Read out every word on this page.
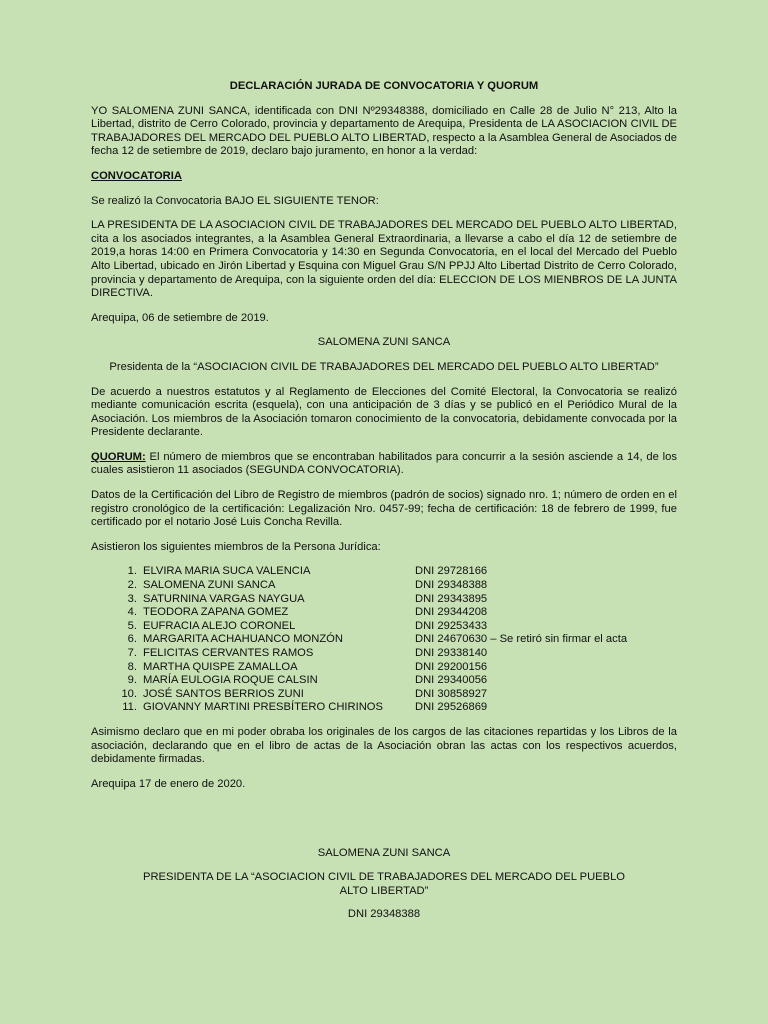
DECLARACIÓN JURADA DE CONVOCATORIA Y QUORUM

YO SALOMENA ZUNI SANCA, identificada con DNI Nº29348388, domiciliado en Calle 28 de Julio N° 213, Alto la Libertad, distrito de Cerro Colorado, provincia y departamento de Arequipa, Presidenta de LA ASOCIACION CIVIL DE TRABAJADORES DEL MERCADO DEL PUEBLO ALTO LIBERTAD, respecto a la Asamblea General de Asociados de fecha 12 de setiembre de 2019, declaro bajo juramento, en honor a la verdad:

CONVOCATORIA

Se realizó la Convocatoria BAJO EL SIGUIENTE TENOR:

LA PRESIDENTA DE LA ASOCIACION CIVIL DE TRABAJADORES DEL MERCADO DEL PUEBLO ALTO LIBERTAD, cita a los asociados integrantes, a la Asamblea General Extraordinaria, a llevarse a cabo el día 12 de setiembre de 2019,a horas 14:00 en Primera Convocatoria y 14:30 en Segunda Convocatoria, en el local del Mercado del Pueblo Alto Libertad, ubicado en Jirón Libertad y Esquina con Miguel Grau S/N PPJJ Alto Libertad Distrito de Cerro Colorado, provincia y departamento de Arequipa, con la siguiente orden del día: ELECCION DE LOS MIENBROS DE LA JUNTA DIRECTIVA.

Arequipa, 06 de setiembre de 2019.

SALOMENA ZUNI SANCA

Presidenta de la “ASOCIACION CIVIL DE TRABAJADORES DEL MERCADO DEL PUEBLO ALTO LIBERTAD”

De acuerdo a nuestros estatutos y al Reglamento de Elecciones del Comité Electoral, la Convocatoria se realizó mediante comunicación escrita (esquela), con una anticipación de 3 días y se publicó en el Periódico Mural de la Asociación. Los miembros de la Asociación tomaron conocimiento de la convocatoria, debidamente convocada por la Presidente declarante.

QUORUM: El número de miembros que se encontraban habilitados para concurrir a la sesión asciende a 14, de los cuales asistieron 11 asociados (SEGUNDA CONVOCATORIA).

Datos de la Certificación del Libro de Registro de miembros (padrón de socios) signado nro. 1; número de orden en el registro cronológico de la certificación: Legalización Nro. 0457-99; fecha de certificación: 18 de febrero de 1999, fue certificado por el notario José Luis Concha Revilla.

Asistieron los siguientes miembros de la Persona Jurídica:

1. ELVIRA MARIA SUCA VALENCIA	DNI 29728166
2. SALOMENA ZUNI SANCA	DNI 29348388
3. SATURNINA VARGAS NAYGUA	DNI 29343895
4. TEODORA ZAPANA GOMEZ	DNI 29344208
5. EUFRACIA ALEJO CORONEL	DNI 29253433
6. MARGARITA ACHAHUANCO MONZÓN	DNI 24670630 – Se retiró sin firmar el acta
7. FELICITAS CERVANTES RAMOS	DNI 29338140
8. MARTHA QUISPE ZAMALLOA	DNI 29200156
9. MARÍA EULOGIA ROQUE CALSIN	DNI 29340056
10. JOSÉ SANTOS BERRIOS ZUNI	DNI 30858927
11. GIOVANNY MARTINI PRESBÍTERO CHIRINOS	DNI 29526869

Asimismo declaro que en mi poder obraba los originales de los cargos de las citaciones repartidas y los Libros de la asociación, declarando que en el libro de actas de la Asociación obran las actas con los respectivos acuerdos, debidamente firmadas.

Arequipa 17 de enero de 2020.

SALOMENA ZUNI SANCA

PRESIDENTA DE LA “ASOCIACION CIVIL DE TRABAJADORES DEL MERCADO DEL PUEBLO ALTO LIBERTAD”

DNI 29348388
